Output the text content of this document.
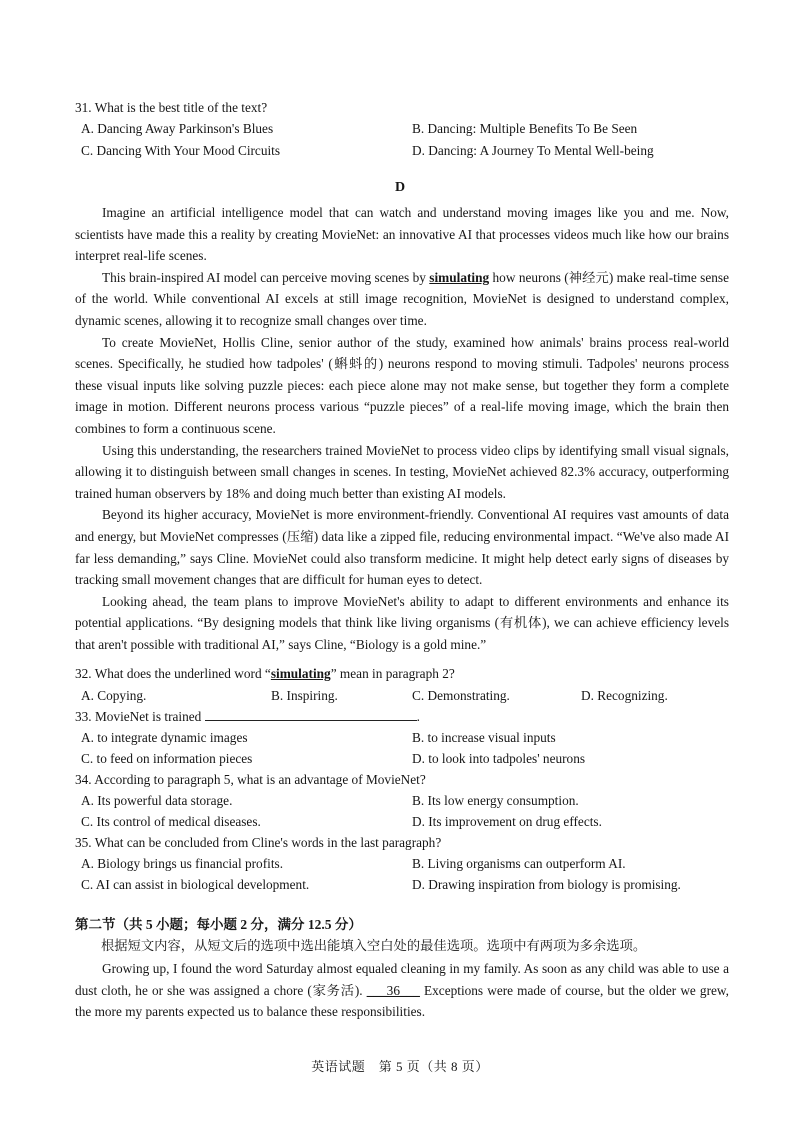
31. What is the best title of the text?
A. Dancing Away Parkinson's Blues	B. Dancing: Multiple Benefits To Be Seen
C. Dancing With Your Mood Circuits	D. Dancing: A Journey To Mental Well-being
D

Imagine an artificial intelligence model that can watch and understand moving images like you and me. Now, scientists have made this a reality by creating MovieNet: an innovative AI that processes videos much like how our brains interpret real-life scenes.

This brain-inspired AI model can perceive moving scenes by simulating how neurons (神经元) make real-time sense of the world. While conventional AI excels at still image recognition, MovieNet is designed to understand complex, dynamic scenes, allowing it to recognize small changes over time.

To create MovieNet, Hollis Cline, senior author of the study, examined how animals' brains process real-world scenes. Specifically, he studied how tadpoles' (蝌蚪的) neurons respond to moving stimuli. Tadpoles' neurons process these visual inputs like solving puzzle pieces: each piece alone may not make sense, but together they form a complete image in motion. Different neurons process various “puzzle pieces” of a real-life moving image, which the brain then combines to form a continuous scene.

Using this understanding, the researchers trained MovieNet to process video clips by identifying small visual signals, allowing it to distinguish between small changes in scenes. In testing, MovieNet achieved 82.3% accuracy, outperforming trained human observers by 18% and doing much better than existing AI models.

Beyond its higher accuracy, MovieNet is more environment-friendly. Conventional AI requires vast amounts of data and energy, but MovieNet compresses (压缩) data like a zipped file, reducing environmental impact. “We've also made AI far less demanding,” says Cline. MovieNet could also transform medicine. It might help detect early signs of diseases by tracking small movement changes that are difficult for human eyes to detect.

Looking ahead, the team plans to improve MovieNet's ability to adapt to different environments and enhance its potential applications. “By designing models that think like living organisms (有机体), we can achieve efficiency levels that aren't possible with traditional AI,” says Cline, “Biology is a gold mine.”

32. What does the underlined word “simulating” mean in paragraph 2?
A. Copying.	B. Inspiring.	C. Demonstrating.	D. Recognizing.
33. MovieNet is trained	.
A. to integrate dynamic images	B. to increase visual inputs
C. to feed on information pieces	D. to look into tadpoles' neurons
34. According to paragraph 5, what is an advantage of MovieNet?
A. Its powerful data storage.	B. Its low energy consumption.
C. Its control of medical diseases.	D. Its improvement on drug effects.
35. What can be concluded from Cline's words in the last paragraph?
A. Biology brings us financial profits.	B. Living organisms can outperform AI.
C. AI can assist in biological development.	D. Drawing inspiration from biology is promising.
第二节（共 5 小题；每小题 2 分，满分 12.5 分）
根据短文内容，从短文后的选项中选出能填入空白处的最佳选项。选项中有两项为多余选项。

Growing up, I found the word Saturday almost equaled cleaning in my family. As soon as any child was able to use a dust cloth, he or she was assigned a chore (家务活). ___36___ Exceptions were made of course, but the older we grew, the more my parents expected us to balance these responsibilities.

英语试题　第 5 页（共 8 页）
